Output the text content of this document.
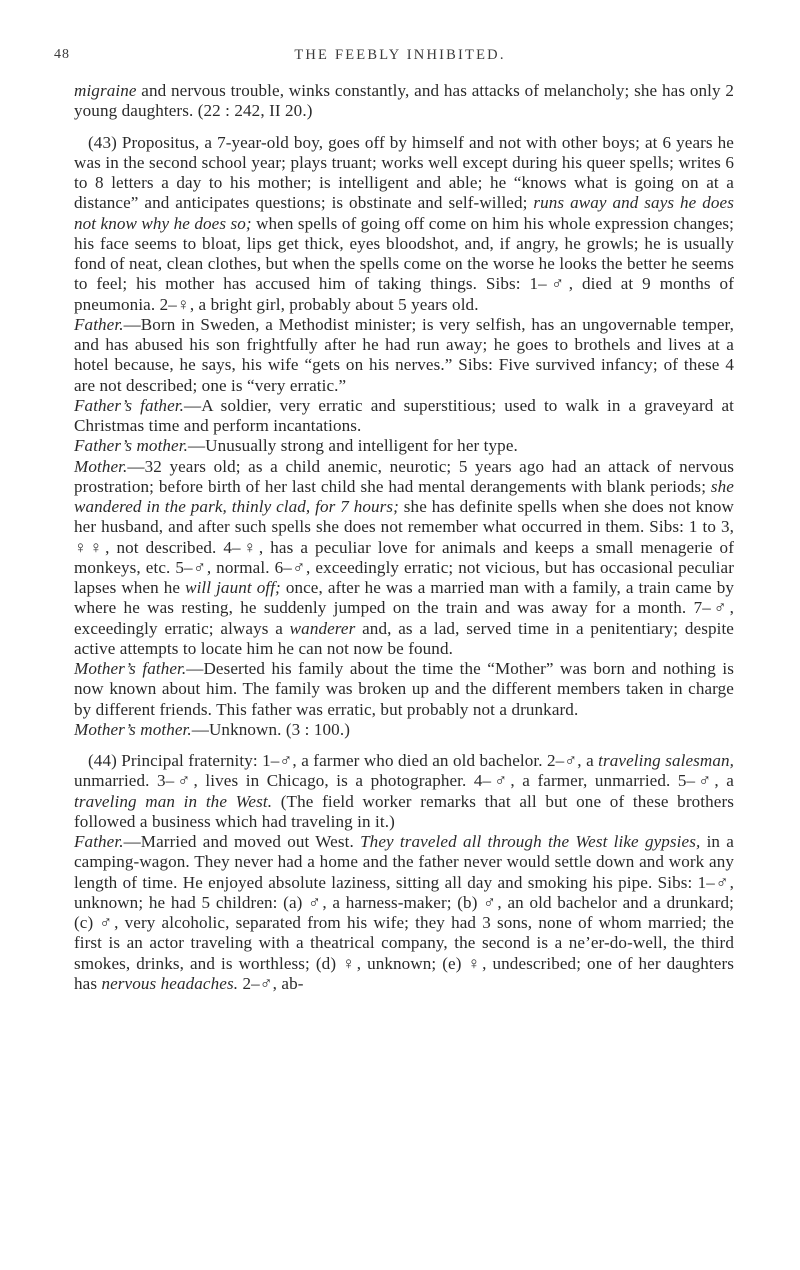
48	THE FEEBLY INHIBITED.

migraine and nervous trouble, winks constantly, and has attacks of melancholy; she has only 2 young daughters. (22 : 242, II 20.)

(43) Propositus, a 7-year-old boy, goes off by himself and not with other boys; at 6 years he was in the second school year; plays truant; works well except during his queer spells; writes 6 to 8 letters a day to his mother; is intelligent and able; he “knows what is going on at a distance” and anticipates questions; is obstinate and self-willed; runs away and says he does not know why he does so; when spells of going off come on him his whole expression changes; his face seems to bloat, lips get thick, eyes bloodshot, and, if angry, he growls; he is usually fond of neat, clean clothes, but when the spells come on the worse he looks the better he seems to feel; his mother has accused him of taking things. Sibs: 1–♂, died at 9 months of pneumonia. 2–♀, a bright girl, probably about 5 years old.

Father.—Born in Sweden, a Methodist minister; is very selfish, has an ungovernable temper, and has abused his son frightfully after he had run away; he goes to brothels and lives at a hotel because, he says, his wife “gets on his nerves.” Sibs: Five survived infancy; of these 4 are not described; one is “very erratic.”

Father’s father.—A soldier, very erratic and superstitious; used to walk in a graveyard at Christmas time and perform incantations.

Father’s mother.—Unusually strong and intelligent for her type.

Mother.—32 years old; as a child anemic, neurotic; 5 years ago had an attack of nervous prostration; before birth of her last child she had mental derangements with blank periods; she wandered in the park, thinly clad, for 7 hours; she has definite spells when she does not know her husband, and after such spells she does not remember what occurred in them. Sibs: 1 to 3, ♀♀, not described. 4–♀, has a peculiar love for animals and keeps a small menagerie of monkeys, etc. 5–♂, normal. 6–♂, exceedingly erratic; not vicious, but has occasional peculiar lapses when he will jaunt off; once, after he was a married man with a family, a train came by where he was resting, he suddenly jumped on the train and was away for a month. 7–♂, exceedingly erratic; always a wanderer and, as a lad, served time in a penitentiary; despite active attempts to locate him he can not now be found.

Mother’s father.—Deserted his family about the time the “Mother” was born and nothing is now known about him. The family was broken up and the different members taken in charge by different friends. This father was erratic, but probably not a drunkard.

Mother’s mother.—Unknown. (3 : 100.)

(44) Principal fraternity: 1–♂, a farmer who died an old bachelor. 2–♂, a traveling salesman, unmarried. 3–♂, lives in Chicago, is a photographer. 4–♂, a farmer, unmarried. 5–♂, a traveling man in the West. (The field worker remarks that all but one of these brothers followed a business which had traveling in it.)

Father.—Married and moved out West. They traveled all through the West like gypsies, in a camping-wagon. They never had a home and the father never would settle down and work any length of time. He enjoyed absolute laziness, sitting all day and smoking his pipe. Sibs: 1–♂, unknown; he had 5 children: (a) ♂, a harness-maker; (b) ♂, an old bachelor and a drunkard; (c) ♂, very alcoholic, separated from his wife; they had 3 sons, none of whom married; the first is an actor traveling with a theatrical company, the second is a ne’er-do-well, the third smokes, drinks, and is worthless; (d) ♀, unknown; (e) ♀, undescribed; one of her daughters has nervous headaches. 2–♂, ab-
